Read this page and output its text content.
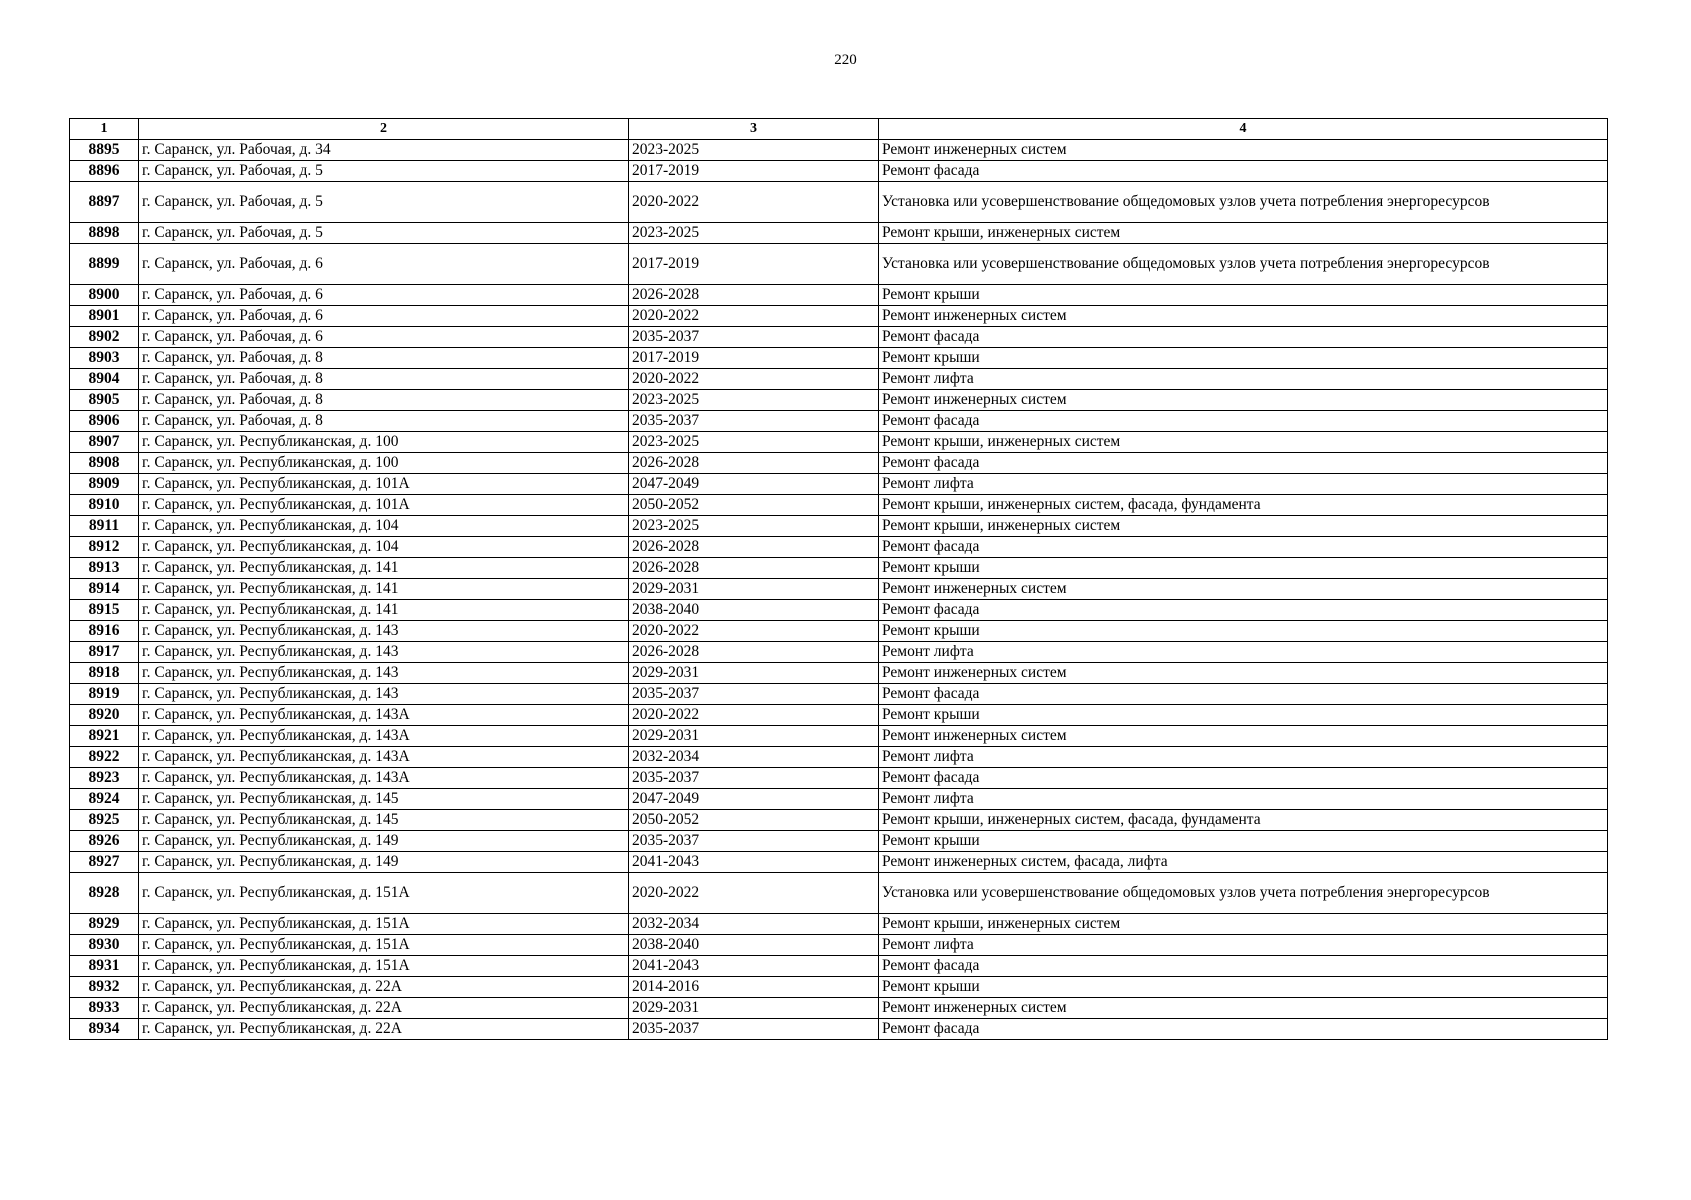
220
1	2	3	4
8895	г. Саранск, ул. Рабочая, д. 34	2023-2025	Ремонт инженерных систем
8896	г. Саранск, ул. Рабочая, д. 5	2017-2019	Ремонт фасада
8897	г. Саранск, ул. Рабочая, д. 5	2020-2022	Установка или усовершенствование общедомовых узлов учета потребления энергоресурсов
8898	г. Саранск, ул. Рабочая, д. 5	2023-2025	Ремонт крыши, инженерных систем
8899	г. Саранск, ул. Рабочая, д. 6	2017-2019	Установка или усовершенствование общедомовых узлов учета потребления энергоресурсов
8900	г. Саранск, ул. Рабочая, д. 6	2026-2028	Ремонт крыши
8901	г. Саранск, ул. Рабочая, д. 6	2020-2022	Ремонт инженерных систем
8902	г. Саранск, ул. Рабочая, д. 6	2035-2037	Ремонт фасада
8903	г. Саранск, ул. Рабочая, д. 8	2017-2019	Ремонт крыши
8904	г. Саранск, ул. Рабочая, д. 8	2020-2022	Ремонт лифта
8905	г. Саранск, ул. Рабочая, д. 8	2023-2025	Ремонт инженерных систем
8906	г. Саранск, ул. Рабочая, д. 8	2035-2037	Ремонт фасада
8907	г. Саранск, ул. Республиканская, д. 100	2023-2025	Ремонт крыши, инженерных систем
8908	г. Саранск, ул. Республиканская, д. 100	2026-2028	Ремонт фасада
8909	г. Саранск, ул. Республиканская, д. 101А	2047-2049	Ремонт лифта
8910	г. Саранск, ул. Республиканская, д. 101А	2050-2052	Ремонт крыши, инженерных систем, фасада, фундамента
8911	г. Саранск, ул. Республиканская, д. 104	2023-2025	Ремонт крыши, инженерных систем
8912	г. Саранск, ул. Республиканская, д. 104	2026-2028	Ремонт фасада
8913	г. Саранск, ул. Республиканская, д. 141	2026-2028	Ремонт крыши
8914	г. Саранск, ул. Республиканская, д. 141	2029-2031	Ремонт инженерных систем
8915	г. Саранск, ул. Республиканская, д. 141	2038-2040	Ремонт фасада
8916	г. Саранск, ул. Республиканская, д. 143	2020-2022	Ремонт крыши
8917	г. Саранск, ул. Республиканская, д. 143	2026-2028	Ремонт лифта
8918	г. Саранск, ул. Республиканская, д. 143	2029-2031	Ремонт инженерных систем
8919	г. Саранск, ул. Республиканская, д. 143	2035-2037	Ремонт фасада
8920	г. Саранск, ул. Республиканская, д. 143А	2020-2022	Ремонт крыши
8921	г. Саранск, ул. Республиканская, д. 143А	2029-2031	Ремонт инженерных систем
8922	г. Саранск, ул. Республиканская, д. 143А	2032-2034	Ремонт лифта
8923	г. Саранск, ул. Республиканская, д. 143А	2035-2037	Ремонт фасада
8924	г. Саранск, ул. Республиканская, д. 145	2047-2049	Ремонт лифта
8925	г. Саранск, ул. Республиканская, д. 145	2050-2052	Ремонт крыши, инженерных систем, фасада, фундамента
8926	г. Саранск, ул. Республиканская, д. 149	2035-2037	Ремонт крыши
8927	г. Саранск, ул. Республиканская, д. 149	2041-2043	Ремонт инженерных систем, фасада, лифта
8928	г. Саранск, ул. Республиканская, д. 151А	2020-2022	Установка или усовершенствование общедомовых узлов учета потребления энергоресурсов
8929	г. Саранск, ул. Республиканская, д. 151А	2032-2034	Ремонт крыши, инженерных систем
8930	г. Саранск, ул. Республиканская, д. 151А	2038-2040	Ремонт лифта
8931	г. Саранск, ул. Республиканская, д. 151А	2041-2043	Ремонт фасада
8932	г. Саранск, ул. Республиканская, д. 22А	2014-2016	Ремонт крыши
8933	г. Саранск, ул. Республиканская, д. 22А	2029-2031	Ремонт инженерных систем
8934	г. Саранск, ул. Республиканская, д. 22А	2035-2037	Ремонт фасада
